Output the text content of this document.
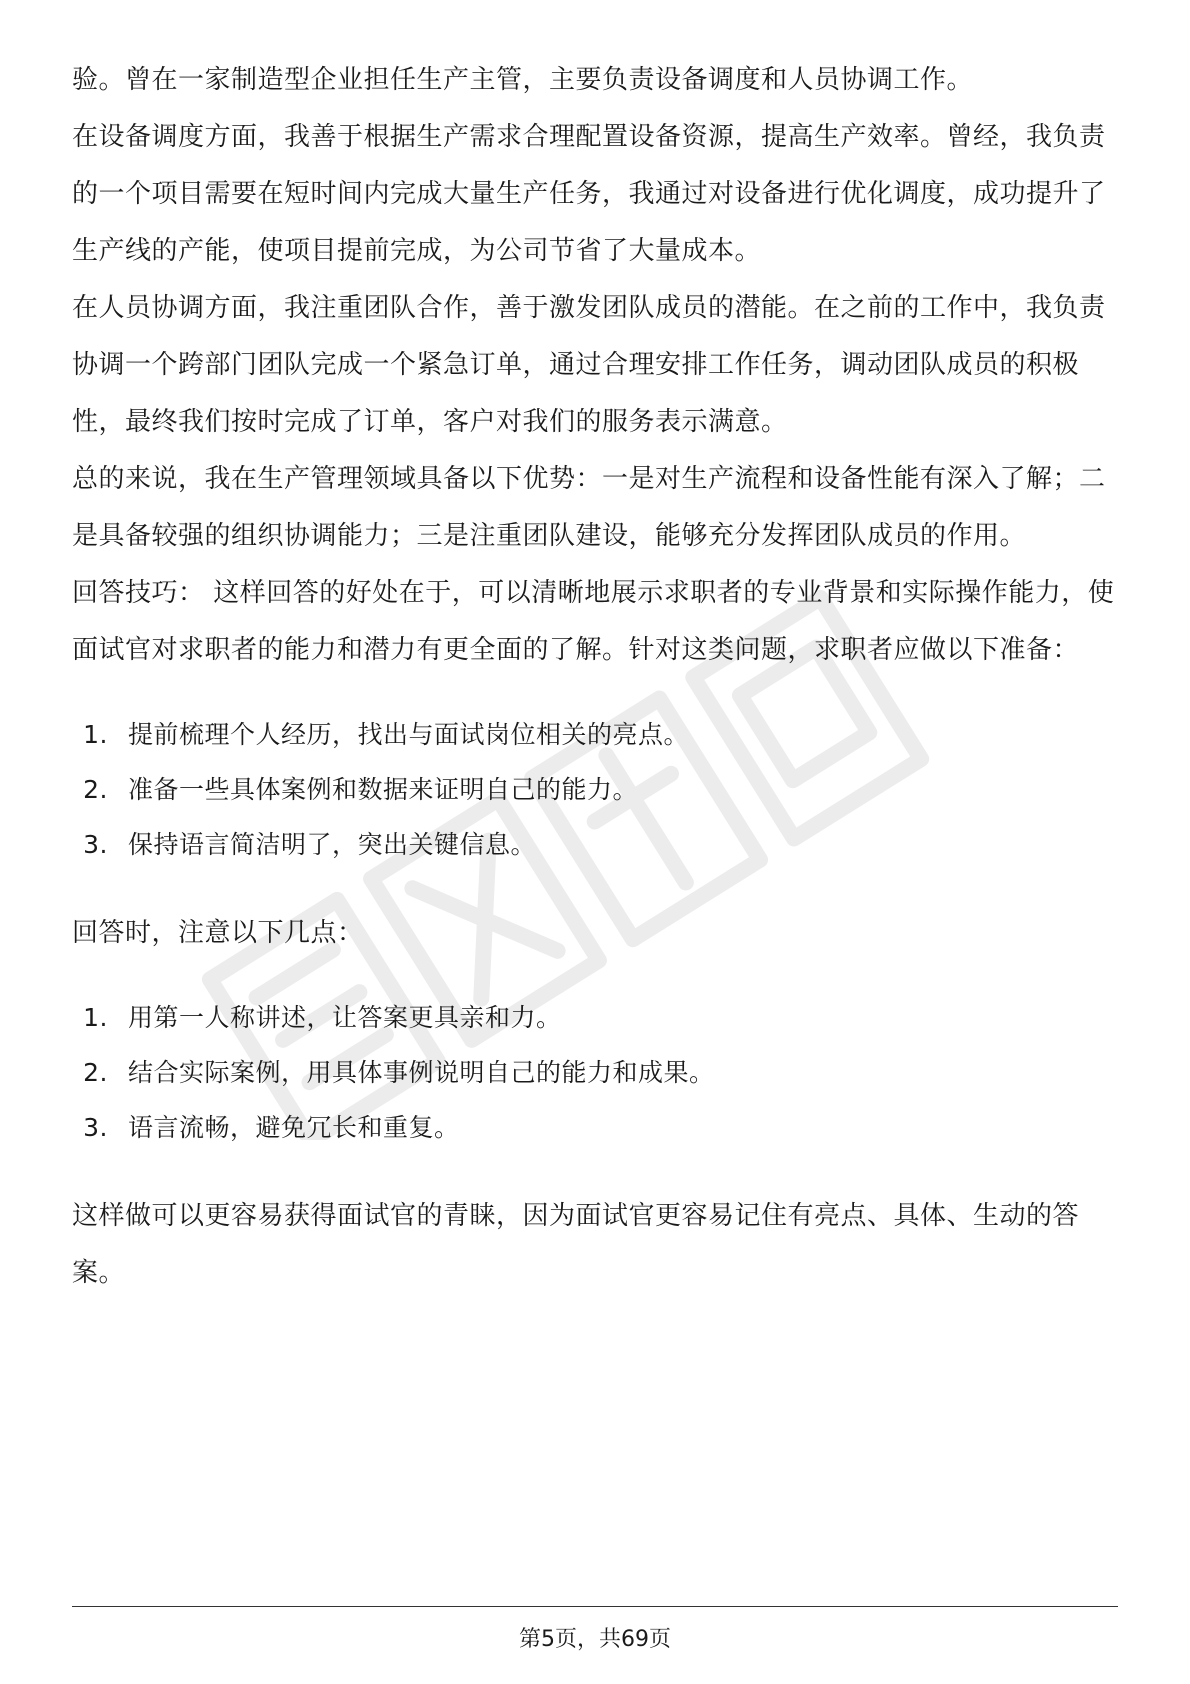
验。曾在一家制造型企业担任生产主管，主要负责设备调度和人员协调工作。

在设备调度方面，我善于根据生产需求合理配置设备资源，提高生产效率。曾经，我负责的一个项目需要在短时间内完成大量生产任务，我通过对设备进行优化调度，成功提升了生产线的产能，使项目提前完成，为公司节省了大量成本。

在人员协调方面，我注重团队合作，善于激发团队成员的潜能。在之前的工作中，我负责协调一个跨部门团队完成一个紧急订单，通过合理安排工作任务，调动团队成员的积极性，最终我们按时完成了订单，客户对我们的服务表示满意。

总的来说，我在生产管理领域具备以下优势：一是对生产流程和设备性能有深入了解；二是具备较强的组织协调能力；三是注重团队建设，能够充分发挥团队成员的作用。

回答技巧： 这样回答的好处在于，可以清晰地展示求职者的专业背景和实际操作能力，使面试官对求职者的能力和潜力有更全面的了解。针对这类问题，求职者应做以下准备：

1. 提前梳理个人经历，找出与面试岗位相关的亮点。
2. 准备一些具体案例和数据来证明自己的能力。
3. 保持语言简洁明了，突出关键信息。

回答时，注意以下几点：

1. 用第一人称讲述，让答案更具亲和力。
2. 结合实际案例，用具体事例说明自己的能力和成果。
3. 语言流畅，避免冗长和重复。

这样做可以更容易获得面试官的青睐，因为面试官更容易记住有亮点、具体、生动的答案。

第5页，共69页
